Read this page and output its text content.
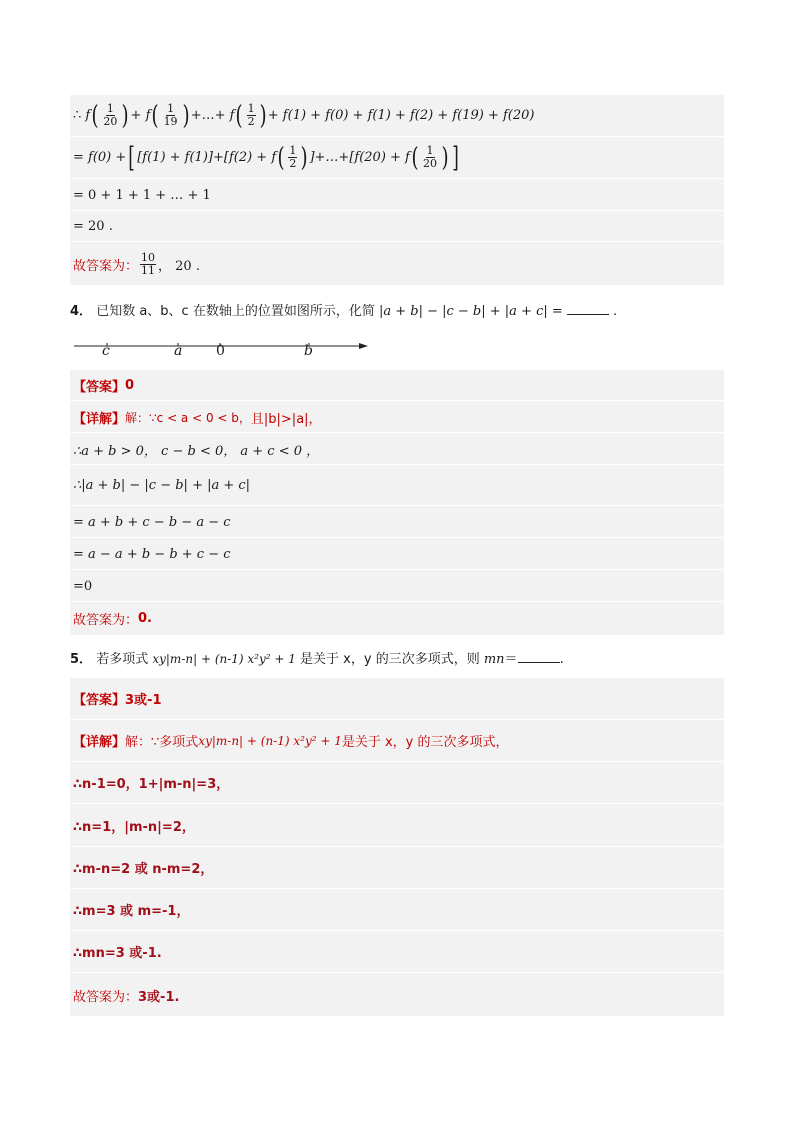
∴
f ( $\frac{1}{20}$ ) + f ( $\frac{1}{19}$ ) +…+ f ( $\frac{1}{2}$ ) + f(1) + f(0) + f(1) + f(2) + f(19) + f(20)
= f(0) + [ [f(1) + f(1)] +[f(2) + f ( $\frac{1}{2}$ ) ]+…+[f(20) + f ( $\frac{1}{20}$ ) ]
= 0 + 1 + 1 + … + 1
= 20 .
故答案为： $\frac{10}{11}$ ， 20 .
4． 已知数 a、b、c 在数轴上的位置如图所示，化简 |a + b| − |c − b| + |a + c| =	.
c	a 0	b
【答案】 0
【详解】 解：∵c < a < 0 < b， 且|b|>|a|，
∴a + b > 0， c − b < 0， a + c < 0 ，
∴|a + b| − |c − b| + |a + c|
= a + b + c − b − a − c
= a − a + b − b + c − c
=0
故答案为： 0.
5． 若多项式 xy|m-n| + (n-1) x²y² + 1 是关于 x，y 的三次多项式，则 mn＝	.
【答案】 3或-1
【详解】 解：∵多项式 xy|m-n| + (n-1) x²y² + 1 是关于 x，y 的三次多项式，
∴n-1=0，1+|m-n|=3，
∴n=1，|m-n|=2，
∴m-n=2 或 n-m=2，
∴m=3 或 m=-1，
∴mn=3 或-1.
故答案为： 3或-1.
